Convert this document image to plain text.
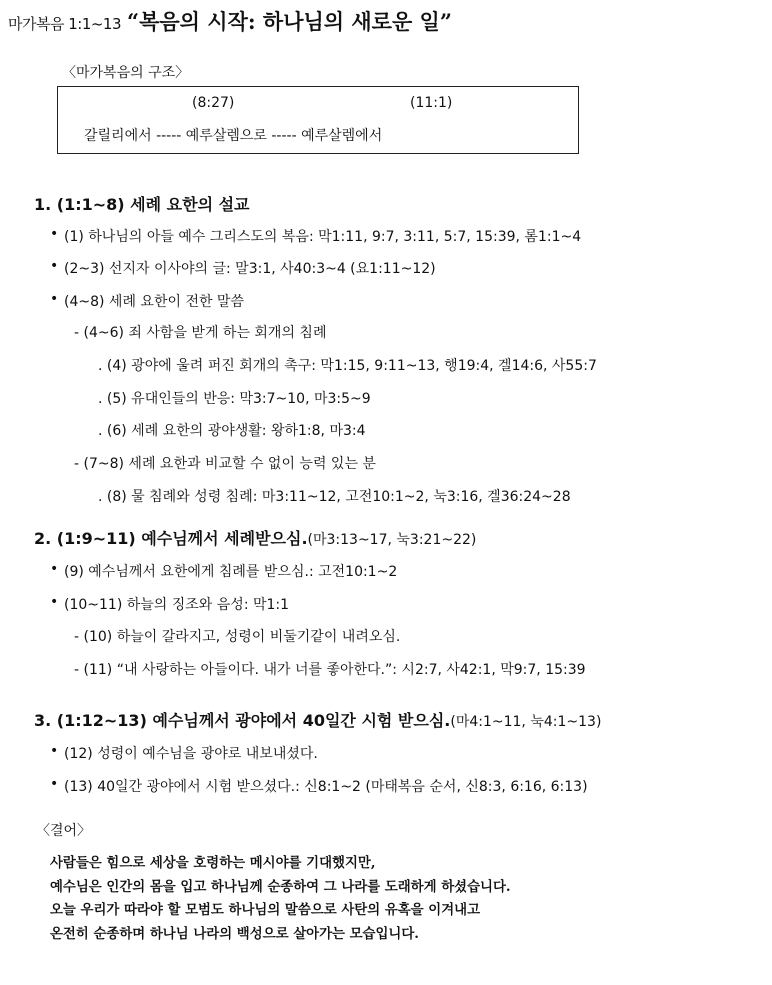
마가복음 1:1~13 “복음의 시작: 하나님의 새로운 일”
〈마가복음의 구조〉
(8:27)	(11:1)
갈릴리에서 ----- 예루살렘으로 ----- 예루살렘에서
1. (1:1~8) 세례 요한의 설교
• (1) 하나님의 아들 예수 그리스도의 복음: 막1:11, 9:7, 3:11, 5:7, 15:39, 롬1:1~4
• (2~3) 선지자 이사야의 글: 말3:1, 사40:3~4 (요1:11~12)
• (4~8) 세례 요한이 전한 말씀
- (4~6) 죄 사함을 받게 하는 회개의 침례
. (4) 광야에 울려 퍼진 회개의 촉구: 막1:15, 9:11~13, 행19:4, 겔14:6, 사55:7
. (5) 유대인들의 반응: 막3:7~10, 마3:5~9
. (6) 세례 요한의 광야생활: 왕하1:8, 마3:4
- (7~8) 세례 요한과 비교할 수 없이 능력 있는 분
. (8) 물 침례와 성령 침례: 마3:11~12, 고전10:1~2, 눅3:16, 겔36:24~28
2. (1:9~11) 예수님께서 세례받으심.(마3:13~17, 눅3:21~22)
• (9) 예수님께서 요한에게 침례를 받으심.: 고전10:1~2
• (10~11) 하늘의 징조와 음성: 막1:1
- (10) 하늘이 갈라지고, 성령이 비둘기같이 내려오심.
- (11) “내 사랑하는 아들이다. 내가 너를 좋아한다.”: 시2:7, 사42:1, 막9:7, 15:39
3. (1:12~13) 예수님께서 광야에서 40일간 시험 받으심.(마4:1~11, 눅4:1~13)
• (12) 성령이 예수님을 광야로 내보내셨다.
• (13) 40일간 광야에서 시험 받으셨다.: 신8:1~2 (마태복음 순서, 신8:3, 6:16, 6:13)
〈결어〉
사람들은 힘으로 세상을 호령하는 메시야를 기대했지만,
예수님은 인간의 몸을 입고 하나님께 순종하여 그 나라를 도래하게 하셨습니다.
오늘 우리가 따라야 할 모범도 하나님의 말씀으로 사탄의 유혹을 이겨내고
온전히 순종하며 하나님 나라의 백성으로 살아가는 모습입니다.
